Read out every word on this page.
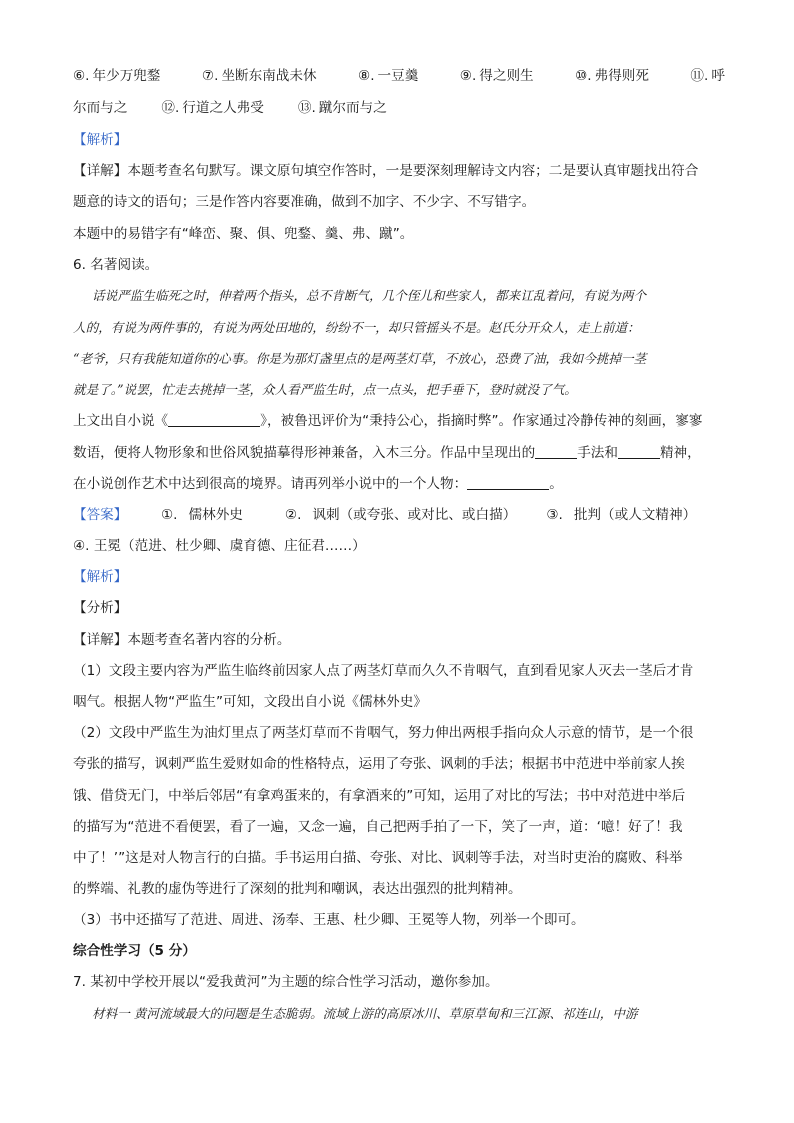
⑥. 年少万兜鍪	⑦. 坐断东南战未休	⑧. 一豆羹	⑨. 得之则生	⑩. 弗得则死	⑪. 呼
尔而与之	⑫. 行道之人弗受	⑬. 蹴尔而与之
【解析】
【详解】本题考查名句默写。课文原句填空作答时，一是要深刻理解诗文内容；二是要认真审题找出符合
题意的诗文的语句；三是作答内容要准确，做到不加字、不少字、不写错字。
本题中的易错字有“峰峦、聚、俱、兜鍪、羹、弗、蹴”。
6. 名著阅读。
话说严监生临死之时，伸着两个指头，总不肯断气，几个侄儿和些家人，都来讧乱着问，有说为两个
人的，有说为两件事的，有说为两处田地的，纷纷不一，却只管摇头不是。赵氏分开众人，走上前道：
“老爷，只有我能知道你的心事。你是为那灯盏里点的是两茎灯草，不放心，恐费了油，我如今挑掉一茎
就是了。”说罢，忙走去挑掉一茎，众人看严监生时，点一点头，把手垂下，登时就没了气。
上文出自小说《	》，被鲁迅评价为“秉持公心，指摘时弊”。作家通过冷静传神的刻画，寥寥
数语，便将人物形象和世俗风貌描摹得形神兼备，入木三分。作品中呈现出的	手法和	精神，
在小说创作艺术中达到很高的境界。请再列举小说中的一个人物：	。
【答案】 ①. 儒林外史	②. 讽刺（或夸张、或对比、或白描） ③. 批判（或人文精神）
④. 王冕（范进、杜少卿、虞育德、庄征君……）
【解析】
【分析】
【详解】本题考查名著内容的分析。
（1）文段主要内容为严监生临终前因家人点了两茎灯草而久久不肯咽气，直到看见家人灭去一茎后才肯
咽气。根据人物“严监生”可知，文段出自小说《儒林外史》
（2）文段中严监生为油灯里点了两茎灯草而不肯咽气，努力伸出两根手指向众人示意的情节，是一个很
夸张的描写，讽刺严监生爱财如命的性格特点，运用了夸张、讽刺的手法；根据书中范进中举前家人挨
饿、借贷无门，中举后邻居“有拿鸡蛋来的，有拿酒来的”可知，运用了对比的写法；书中对范进中举后
的描写为“范进不看便罢，看了一遍，又念一遍，自己把两手拍了一下，笑了一声，道：‘噫！好了！我
中了！’”这是对人物言行的白描。手书运用白描、夸张、对比、讽刺等手法，对当时吏治的腐败、科举
的弊端、礼教的虚伪等进行了深刻的批判和嘲讽，表达出强烈的批判精神。
（3）书中还描写了范进、周进、汤奉、王惠、杜少卿、王冕等人物，列举一个即可。
综合性学习（5 分）
7. 某初中学校开展以“爱我黄河”为主题的综合性学习活动，邀你参加。
材料一 黄河流域最大的问题是生态脆弱。流域上游的高原冰川、草原草甸和三江源、祁连山，中游
